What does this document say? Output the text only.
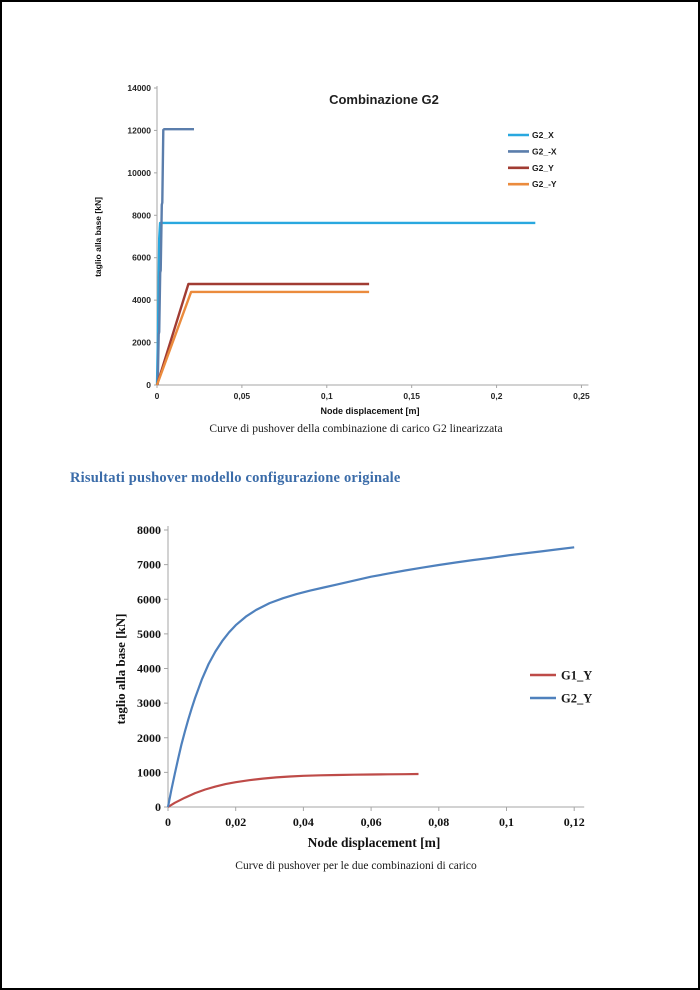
0
2000
4000
6000
8000
10000
12000
14000
0	0,05	0,1	0,15	0,2	0,25
G2_X
G2_-X
G2_Y
G2_-Y
Combinazione G2
Node displacement [m]
taglio alla base [kN]
Curve di pushover della combinazione di carico G2 linearizzata
Risultati pushover modello configurazione originale
0
1000
2000
3000
4000
5000
6000
7000
8000
0	0,02	0,04	0,06	0,08	0,1	0,12
G1_Y
G2_Y
Node displacement [m]
taglio alla base [kN]
Curve di pushover per le due combinazioni di carico
